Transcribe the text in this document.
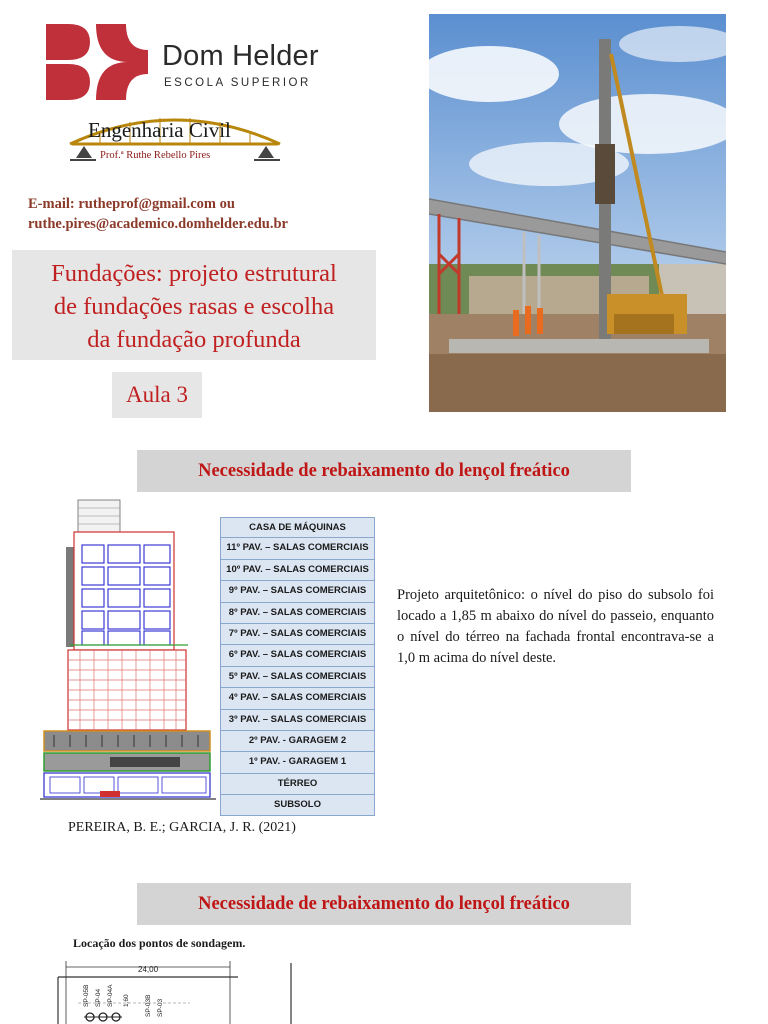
Dom Helder
ESCOLA SUPERIOR
Engenharia Civil
Prof.ª Ruthe Rebello Pires
E-mail: rutheprof@gmail.com ou
ruthe.pires@academico.domhelder.edu.br

Fundações: projeto estrutural

de fundações rasas e escolha

da fundação profunda

Aula 3
Necessidade de rebaixamento do lençol freático
CASA DE MÁQUINAS
11º PAV. – SALAS COMERCIAIS
10º PAV. – SALAS COMERCIAIS
9º PAV. – SALAS COMERCIAIS
8º PAV. – SALAS COMERCIAIS
7º PAV. – SALAS COMERCIAIS
6º PAV. – SALAS COMERCIAIS
5º PAV. – SALAS COMERCIAIS
4º PAV. – SALAS COMERCIAIS
3º PAV. – SALAS COMERCIAIS
2º PAV. - GARAGEM 2
1º PAV. - GARAGEM 1
TÉRREO
SUBSOLO
Projeto arquitetônico: o nível do piso do subsolo foi locado a 1,85 m abaixo do nível do passeio, enquanto o nível do térreo na fachada frontal encontrava-se a 1,0 m acima do nível deste.
PEREIRA, B. E.; GARCIA, J. R. (2021)
Necessidade de rebaixamento do lençol freático
Locação dos pontos de sondagem.
24,00
SP-05B SP-04 SP-04A 1,60 SP-03B SP-03
